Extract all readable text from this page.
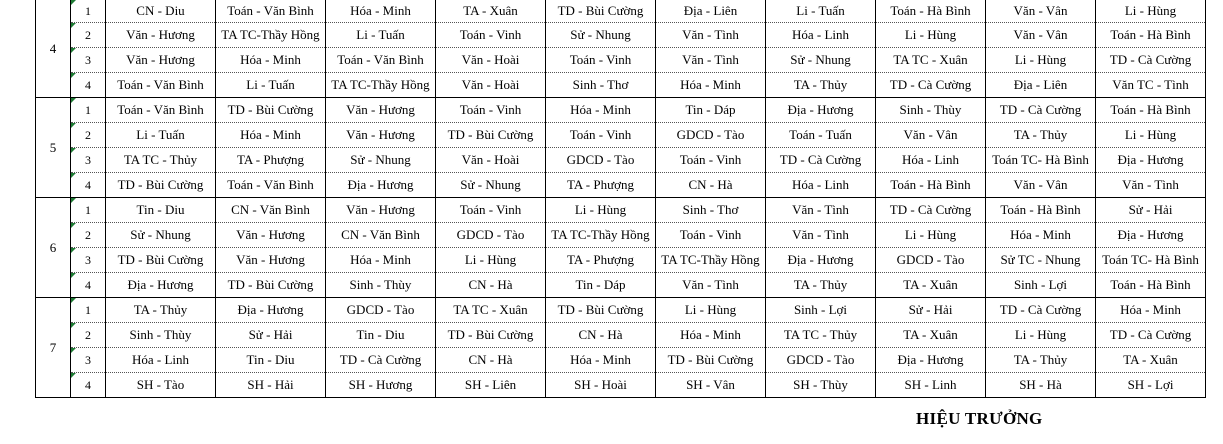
4	1	CN - Diu	Toán - Văn Bình	Hóa - Minh	TA - Xuân	TD - Bùi Cường	Địa - Liên	Li - Tuấn	Toán - Hà Bình	Văn - Vân	Li - Hùng
	2	Văn - Hương	TA TC-Thầy Hồng	Li - Tuấn	Toán - Vinh	Sử - Nhung	Văn - Tình	Hóa - Linh	Li - Hùng	Văn - Vân	Toán - Hà Bình
	3	Văn - Hương	Hóa - Minh	Toán - Văn Bình	Văn - Hoài	Toán - Vinh	Văn - Tình	Sử - Nhung	TA TC - Xuân	Li - Hùng	TD - Cà Cường
	4	Toán - Văn Bình	Li - Tuấn	TA TC-Thầy Hồng	Văn - Hoài	Sinh - Thơ	Hóa - Minh	TA - Thủy	TD - Cà Cường	Địa - Liên	Văn TC - Tình
5	1	Toán - Văn Bình	TD - Bùi Cường	Văn - Hương	Toán - Vinh	Hóa - Minh	Tin - Dáp	Địa - Hương	Sinh - Thùy	TD - Cà Cường	Toán - Hà Bình
	2	Li - Tuấn	Hóa - Minh	Văn - Hương	TD - Bùi Cường	Toán - Vinh	GDCD - Tào	Toán - Tuấn	Văn - Vân	TA - Thủy	Li - Hùng
	3	TA TC - Thủy	TA - Phượng	Sử - Nhung	Văn - Hoài	GDCD - Tào	Toán - Vinh	TD - Cà Cường	Hóa - Linh	Toán TC- Hà Bình	Địa - Hương
	4	TD - Bùi Cường	Toán - Văn Bình	Địa - Hương	Sử - Nhung	TA - Phượng	CN - Hà	Hóa - Linh	Toán - Hà Bình	Văn - Vân	Văn - Tình
6	1	Tin - Diu	CN - Văn Bình	Văn - Hương	Toán - Vinh	Li - Hùng	Sinh - Thơ	Văn - Tình	TD - Cà Cường	Toán - Hà Bình	Sử - Hải
	2	Sử - Nhung	Văn - Hương	CN - Văn Bình	GDCD - Tào	TA TC-Thầy Hồng	Toán - Vinh	Văn - Tình	Li - Hùng	Hóa - Minh	Địa - Hương
	3	TD - Bùi Cường	Văn - Hương	Hóa - Minh	Li - Hùng	TA - Phượng	TA TC-Thầy Hồng	Địa - Hương	GDCD - Tào	Sử TC - Nhung	Toán TC- Hà Bình
	4	Địa - Hương	TD - Bùi Cường	Sinh - Thùy	CN - Hà	Tin - Dáp	Văn - Tình	TA - Thủy	TA - Xuân	Sinh - Lợi	Toán - Hà Bình
7	1	TA - Thủy	Địa - Hương	GDCD - Tào	TA TC - Xuân	TD - Bùi Cường	Li - Hùng	Sinh - Lợi	Sử - Hải	TD - Cà Cường	Hóa - Minh
	2	Sinh - Thùy	Sử - Hải	Tin - Diu	TD - Bùi Cường	CN - Hà	Hóa - Minh	TA TC - Thủy	TA - Xuân	Li - Hùng	TD - Cà Cường
	3	Hóa - Linh	Tin - Diu	TD - Cà Cường	CN - Hà	Hóa - Minh	TD - Bùi Cường	GDCD - Tào	Địa - Hương	TA - Thủy	TA - Xuân
	4	SH - Tào	SH - Hải	SH - Hương	SH - Liên	SH - Hoài	SH - Vân	SH - Thùy	SH - Linh	SH - Hà	SH - Lợi
HIỆU TRƯỞNG
